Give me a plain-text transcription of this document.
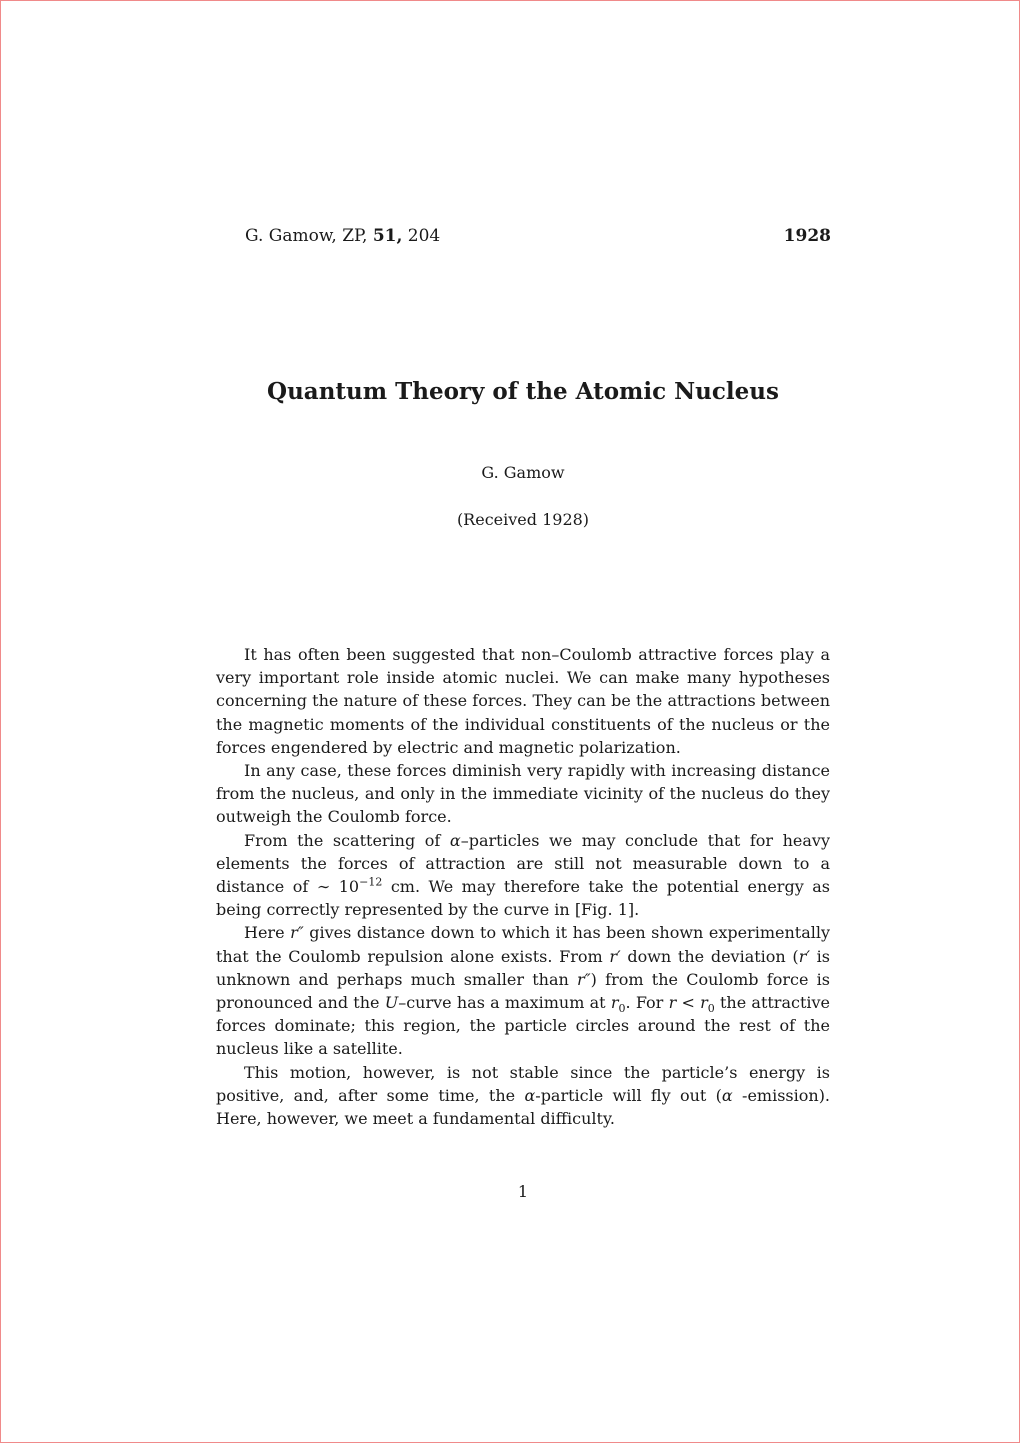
G. Gamow, ZP, 51, 204	1928
Quantum Theory of the Atomic Nucleus
G. Gamow
(Received 1928)

It has often been suggested that non–Coulomb attractive forces play a very important role inside atomic nuclei. We can make many hypotheses concerning the nature of these forces. They can be the attractions between the magnetic moments of the individual constituents of the nucleus or the forces engendered by electric and magnetic polarization.

In any case, these forces diminish very rapidly with increasing distance from the nucleus, and only in the immediate vicinity of the nucleus do they outweigh the Coulomb force.

From the scattering of α–particles we may conclude that for heavy elements the forces of attraction are still not measurable down to a distance of ∼ $10^{-12}$ cm. We may therefore take the potential energy as being correctly represented by the curve in [Fig. 1].

Here r″ gives distance down to which it has been shown experimentally that the Coulomb repulsion alone exists. From r′ down the deviation (r′ is unknown and perhaps much smaller than r″) from the Coulomb force is pronounced and the U–curve has a maximum at $r_0$. For $r < r_0$ the attractive forces dominate; this region, the particle circles around the rest of the nucleus like a satellite.

This motion, however, is not stable since the particle’s energy is positive, and, after some time, the α-particle will fly out (α -emission). Here, however, we meet a fundamental difficulty.

1
